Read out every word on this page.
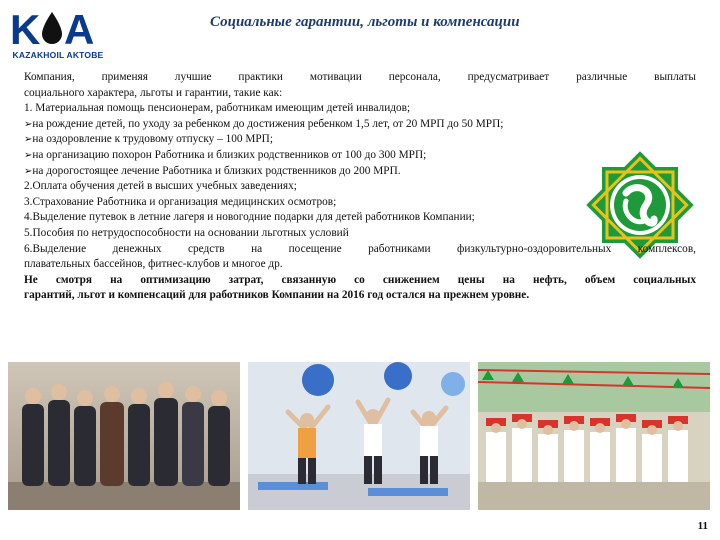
K A
KAZAKHOIL AKTOBE
Социальные гарантии, льготы и компенсации
Компания, применяя лучшие практики мотивации персонала, предусматривает различные выплаты
социального характера, льготы и гарантии, такие как:
1. Материальная помощь пенсионерам, работникам имеющим детей инвалидов;
➢на рождение детей, по уходу за ребенком до достижения ребенком 1,5 лет, от 20 МРП до 50 МРП;
➢на оздоровление к трудовому отпуску – 100 МРП;
➢на организацию похорон Работника и близких родственников от 100 до 300 МРП;
➢на дорогостоящее лечение Работника и близких родственников до 200 МРП.
2.Оплата обучения детей в высших учебных заведениях;
3.Страхование Работника и организация медицинских осмотров;
4.Выделение путевок в летние лагеря и новогодние подарки для детей работников Компании;
5.Пособия по нетрудоспособности на основании льготных условий
6.Выделение денежных средств на посещение работниками физкультурно-оздоровительных комплексов,
плавательных бассейнов, фитнес-клубов и многое др.
Не смотря на оптимизацию затрат, связанную со снижением цены на нефть, объем социальных
гарантий, льгот и компенсаций для работников Компании на 2016 год остался на прежнем уровне.
11
